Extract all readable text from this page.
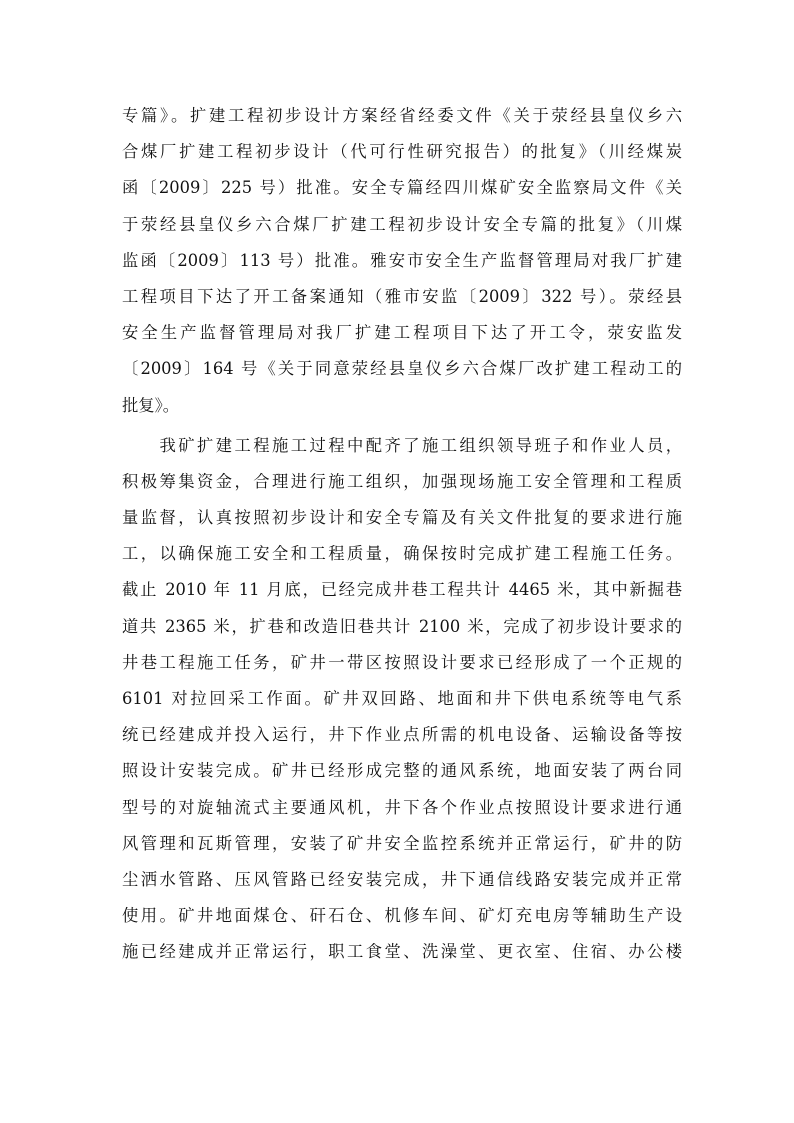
专篇》。扩建工程初步设计方案经省经委文件《关于荥经县皇仪乡六
合煤厂扩建工程初步设计（代可行性研究报告）的批复》（川经煤炭
函〔2009〕225 号）批准。安全专篇经四川煤矿安全监察局文件《关
于荥经县皇仪乡六合煤厂扩建工程初步设计安全专篇的批复》（川煤
监函〔2009〕113 号）批准。雅安市安全生产监督管理局对我厂扩建
工程项目下达了开工备案通知（雅市安监〔2009〕322 号）。荥经县
安全生产监督管理局对我厂扩建工程项目下达了开工令，荥安监发
〔2009〕164 号《关于同意荥经县皇仪乡六合煤厂改扩建工程动工的
批复》。
　　我矿扩建工程施工过程中配齐了施工组织领导班子和作业人员，
积极筹集资金，合理进行施工组织，加强现场施工安全管理和工程质
量监督，认真按照初步设计和安全专篇及有关文件批复的要求进行施
工，以确保施工安全和工程质量，确保按时完成扩建工程施工任务。
截止 2010 年 11 月底，已经完成井巷工程共计 4465 米，其中新掘巷
道共 2365 米，扩巷和改造旧巷共计 2100 米，完成了初步设计要求的
井巷工程施工任务，矿井一带区按照设计要求已经形成了一个正规的
6101 对拉回采工作面。矿井双回路、地面和井下供电系统等电气系
统已经建成并投入运行，井下作业点所需的机电设备、运输设备等按
照设计安装完成。矿井已经形成完整的通风系统，地面安装了两台同
型号的对旋轴流式主要通风机，井下各个作业点按照设计要求进行通
风管理和瓦斯管理，安装了矿井安全监控系统并正常运行，矿井的防
尘洒水管路、压风管路已经安装完成，井下通信线路安装完成并正常
使用。矿井地面煤仓、矸石仓、机修车间、矿灯充电房等辅助生产设
施已经建成并正常运行，职工食堂、洗澡堂、更衣室、住宿、办公楼
